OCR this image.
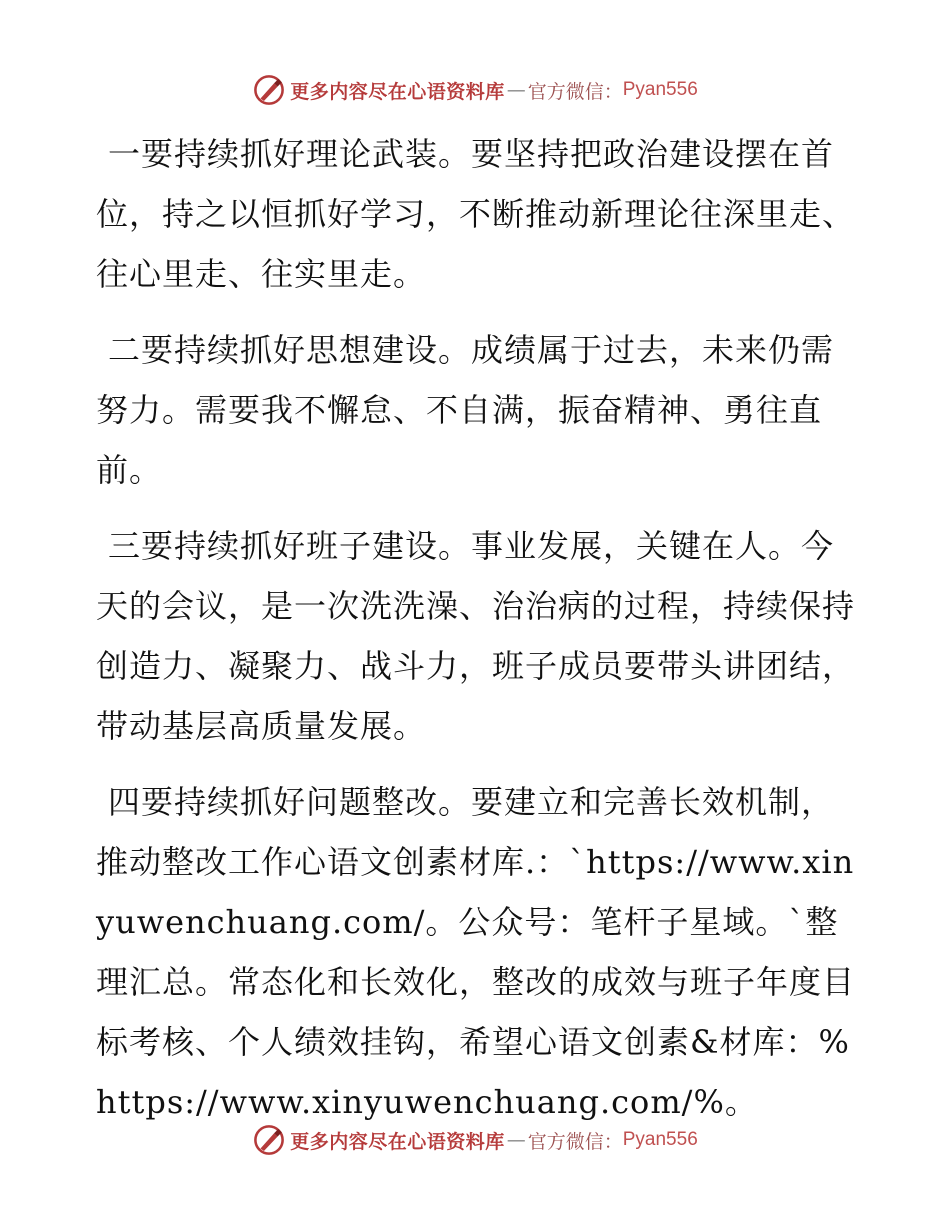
更多内容尽在心语资料库 — 官方微信： Pyan556

一要持续抓好理论武装。要坚持把政治建设摆在首位，持之以恒抓好学习，不断推动新理论往深里走、往心里走、往实里走。

二要持续抓好思想建设。成绩属于过去，未来仍需努力。需要我不懈怠、不自满，振奋精神、勇往直前。

三要持续抓好班子建设。事业发展，关键在人。今天的会议，是一次洗洗澡、治治病的过程，持续保持创造力、凝聚力、战斗力，班子成员要带头讲团结，带动基层高质量发展。

四要持续抓好问题整改。要建立和完善长效机制，推动整改工作心语文创素材库.：`https://www.xinyuwenchuang.com/。公众号：笔杆子星域。`整理汇总。常态化和长效化，整改的成效与班子年度目标考核、个人绩效挂钩，希望心语文创素&材库：%https://www.xinyuwenchuang.com/%。

更多内容尽在心语资料库 — 官方微信： Pyan556
